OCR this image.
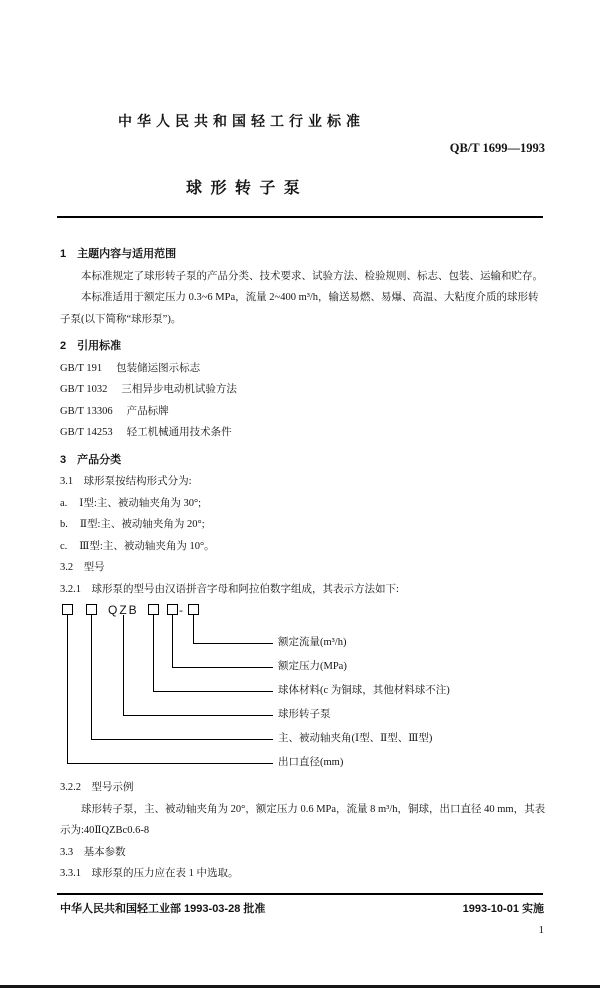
中华人民共和国轻工行业标准
QB/T 1699—1993
球 形 转 子 泵
1　主题内容与适用范围

本标准规定了球形转子泵的产品分类、技术要求、试验方法、检验规则、标志、包装、运输和贮存。

本标准适用于额定压力 0.3~6 MPa，流量 2~400 m³/h，输送易燃、易爆、高温、大粘度介质的球形转子泵(以下简称“球形泵”)。

2　引用标准
GB/T 191 包装储运图示标志
GB/T 1032 三相异步电动机试验方法
GB/T 13306 产品标牌
GB/T 14253 轻工机械通用技术条件
3　产品分类
3.1　球形泵按结构形式分为:
a. Ⅰ型:主、被动轴夹角为 30°;
b. Ⅱ型:主、被动轴夹角为 20°;
c. Ⅲ型:主、被动轴夹角为 10°。
3.2　型号
3.2.1　球形泵的型号由汉语拼音字母和阿拉伯数字组成，其表示方法如下:
QZB	-
额定流量(m³/h)
额定压力(MPa)
球体材料(c 为铜球，其他材料球不注)
球形转子泵
主、被动轴夹角(Ⅰ型、Ⅱ型、Ⅲ型)
出口直径(mm)
3.2.2　型号示例

球形转子泵，主、被动轴夹角为 20°，额定压力 0.6 MPa，流量 8 m³/h，铜球，出口直径 40 mm，其表示为:40ⅡQZBc0.6-8

3.3　基本参数
3.3.1　球形泵的压力应在表 1 中选取。
中华人民共和国轻工业部 1993-03-28 批准	1993-10-01 实施
1
